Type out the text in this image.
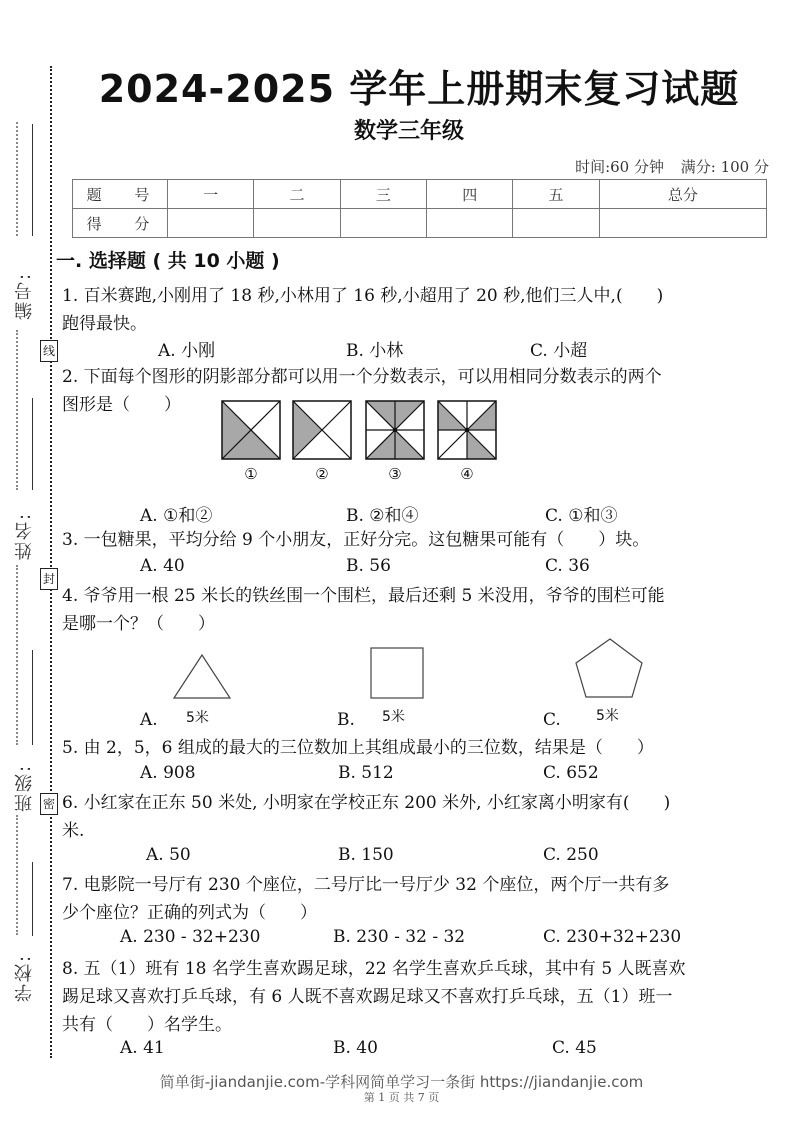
编号:
姓名:
班级:
学校:
线
封
密
2024-2025 学年上册期末复习试题
数学三年级
时间:60 分钟 满分: 100 分
题 号	一	二	三	四	五	总分
得 分						
一. 选择题 ( 共 10 小题 )
1. 百米赛跑,小刚用了 18 秒,小林用了 16 秒,小超用了 20 秒,他们三人中,(　　)
跑得最快。
A. 小刚	B. 小林	C. 小超
2. 下面每个图形的阴影部分都可以用一个分数表示，可以用相同分数表示的两个
图形是（　　）
①	②	③	④
A. ①和②	B. ②和④	C. ①和③
3. 一包糖果，平均分给 9 个小朋友，正好分完。这包糖果可能有（　　）块。
A. 40	B. 56	C. 36
4. 爷爷用一根 25 米长的铁丝围一个围栏，最后还剩 5 米没用，爷爷的围栏可能
是哪一个？（　　）
5米	5米	5米
A.	B.	C.
5. 由 2，5，6 组成的最大的三位数加上其组成最小的三位数，结果是（　　）
A. 908	B. 512	C. 652
6. 小红家在正东 50 米处, 小明家在学校正东 200 米外, 小红家离小明家有(　　)
米.
A. 50	B. 150	C. 250
7. 电影院一号厅有 230 个座位，二号厅比一号厅少 32 个座位，两个厅一共有多
少个座位？正确的列式为（　　）
A. 230 - 32+230	B. 230 - 32 - 32	C. 230+32+230
8. 五（1）班有 18 名学生喜欢踢足球，22 名学生喜欢乒乓球，其中有 5 人既喜欢
踢足球又喜欢打乒乓球，有 6 人既不喜欢踢足球又不喜欢打乒乓球，五（1）班一
共有（　　）名学生。
A. 41	B. 40	C. 45
简单街-jiandanjie.com-学科网简单学习一条街 https://jiandanjie.com
第 1 页 共 7 页
